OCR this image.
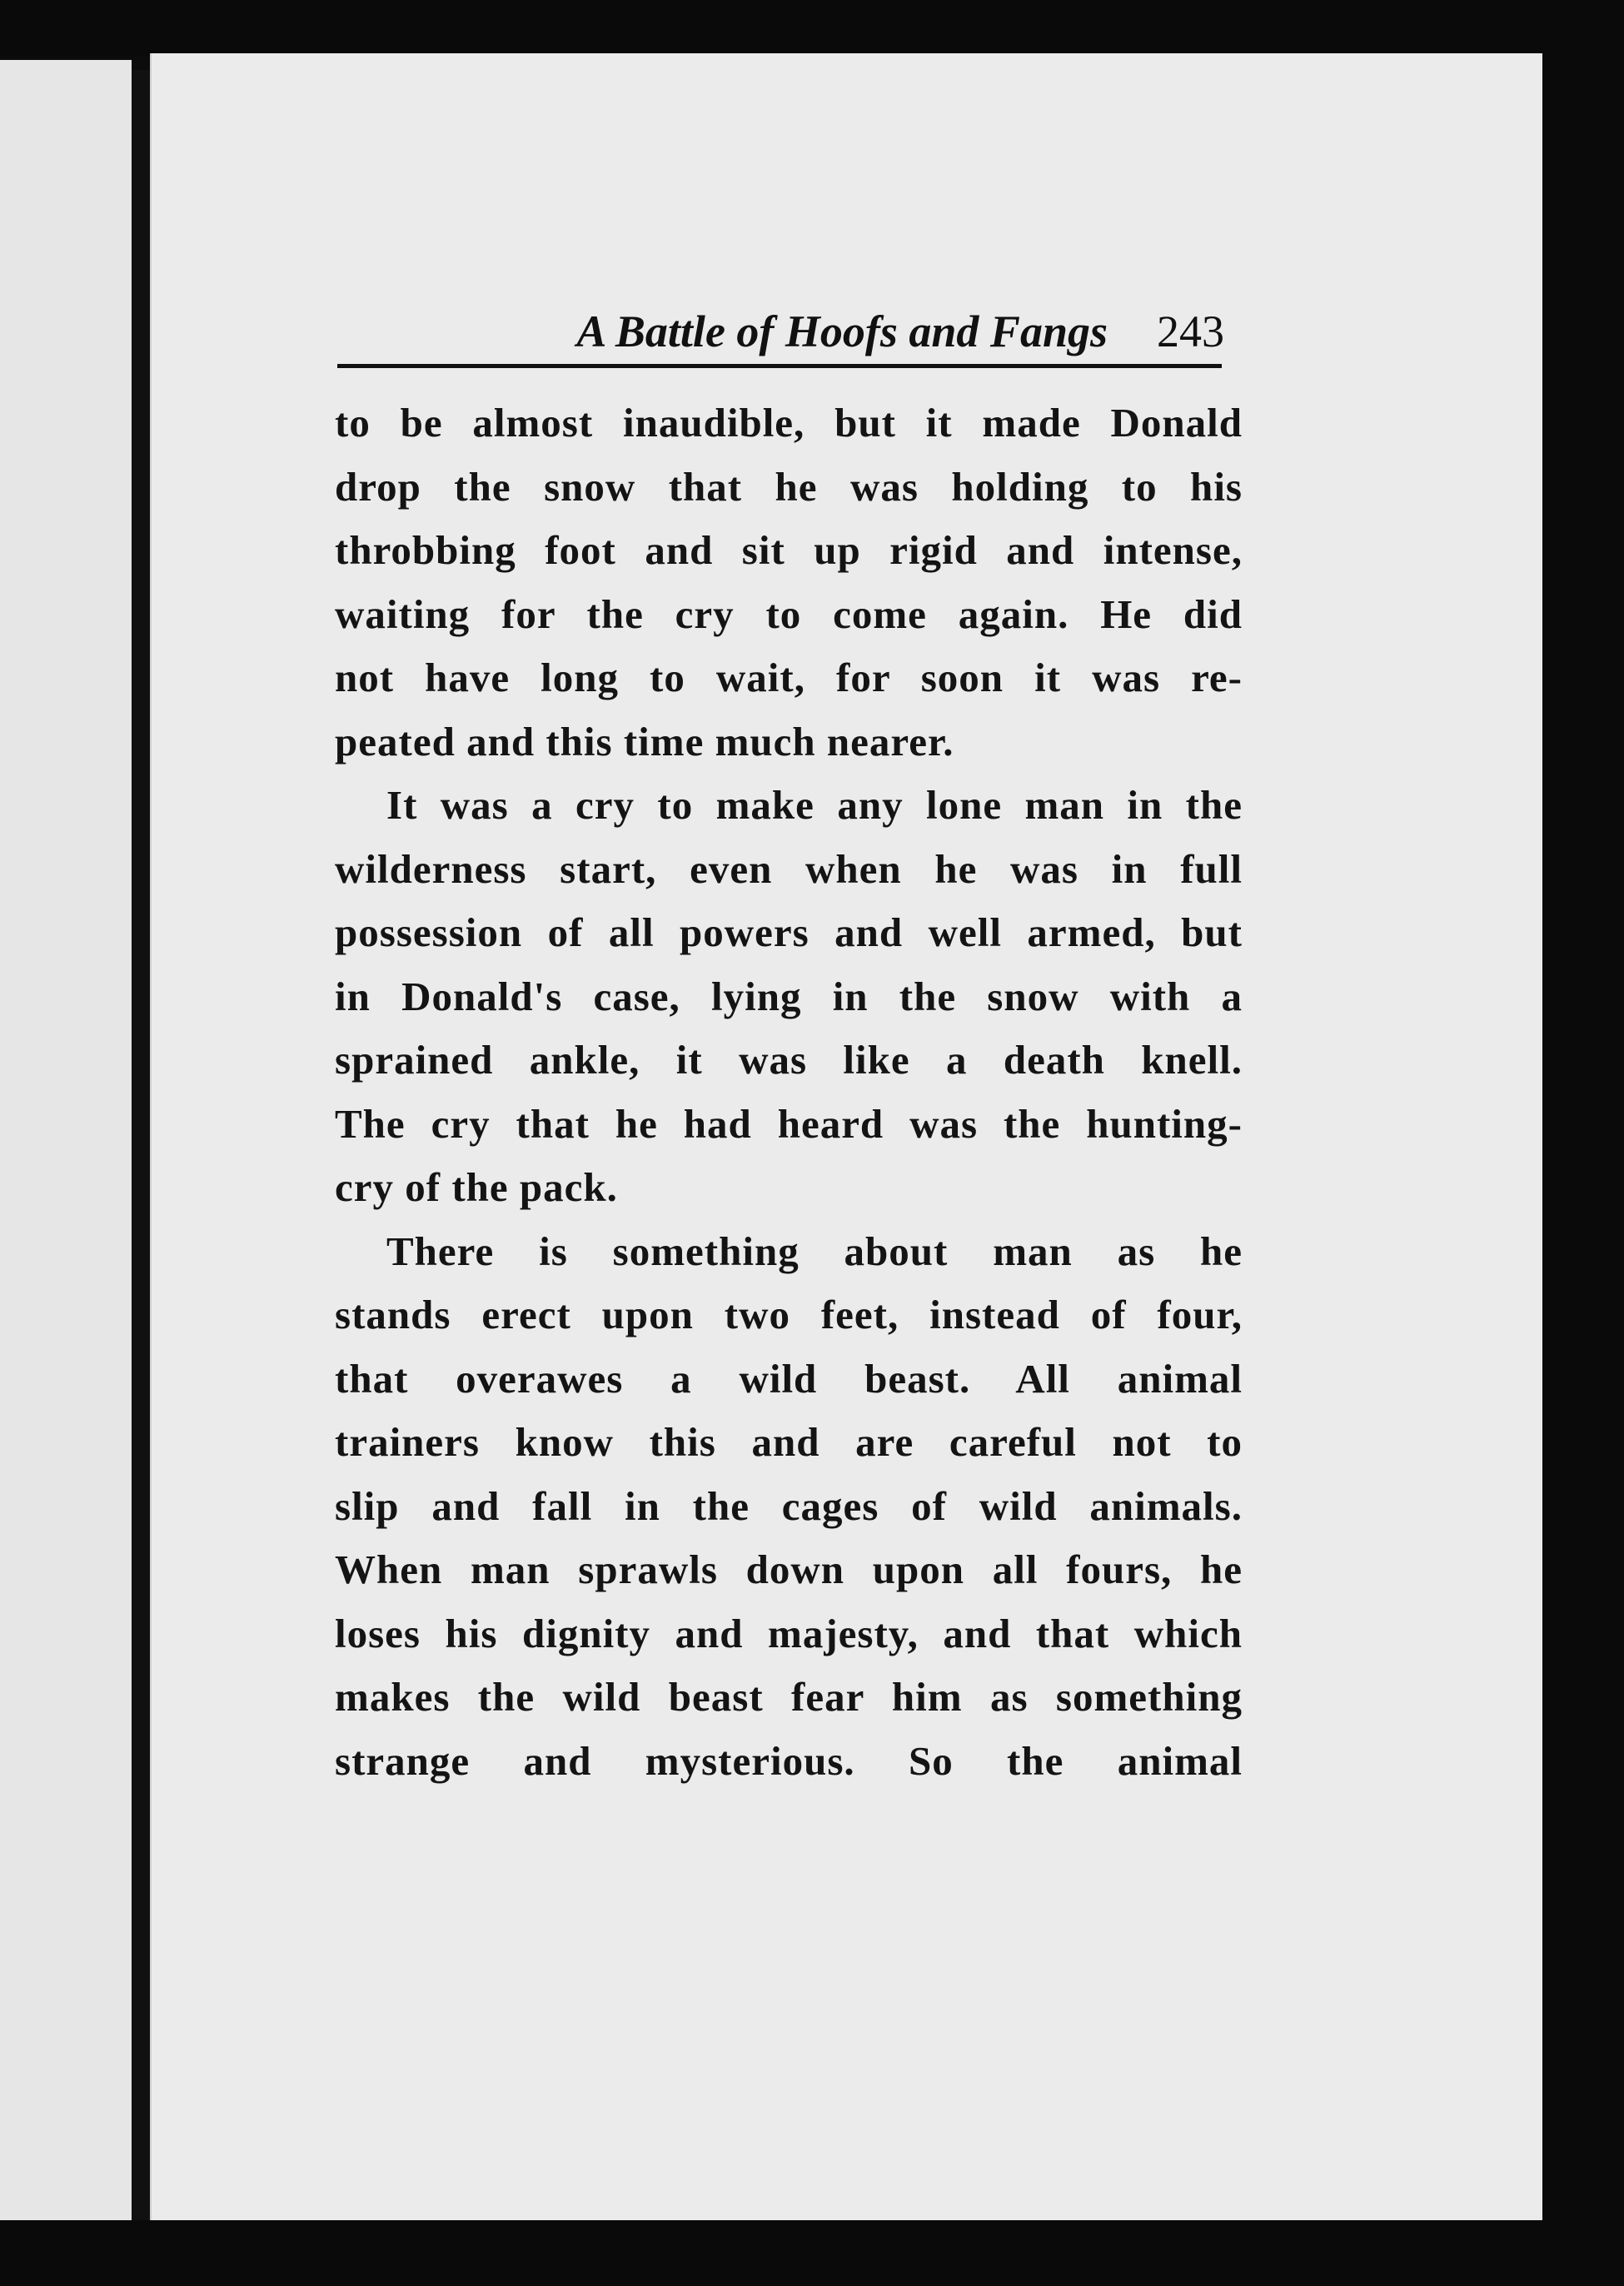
A Battle of Hoofs and Fangs 243
to be almost inaudible, but it made Donald
drop the snow that he was holding to his
throbbing foot and sit up rigid and intense,
waiting for the cry to come again. He did
not have long to wait, for soon it was re-
peated and this time much nearer.
It was a cry to make any lone man in the
wilderness start, even when he was in full
possession of all powers and well armed, but
in Donald's case, lying in the snow with a
sprained ankle, it was like a death knell.
The cry that he had heard was the hunting-
cry of the pack.
There is something about man as he
stands erect upon two feet, instead of four,
that overawes a wild beast. All animal
trainers know this and are careful not to
slip and fall in the cages of wild animals.
When man sprawls down upon all fours, he
loses his dignity and majesty, and that which
makes the wild beast fear him as something
strange and mysterious. So the animal
